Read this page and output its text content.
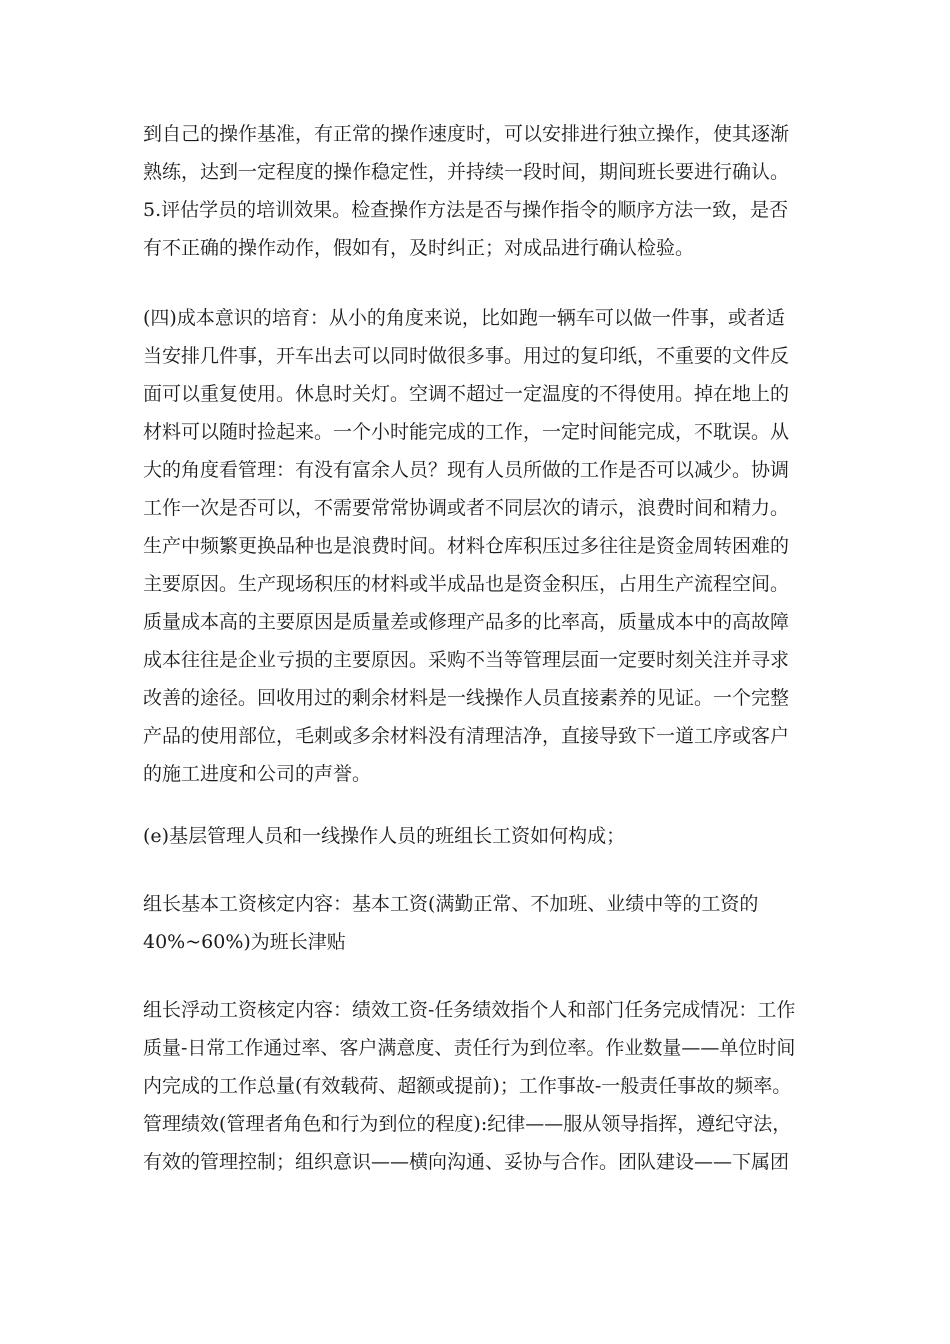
到自己的操作基准，有正常的操作速度时，可以安排进行独立操作，使其逐渐
熟练，达到一定程度的操作稳定性，并持续一段时间，期间班长要进行确认。
5.评估学员的培训效果。检查操作方法是否与操作指令的顺序方法一致，是否
有不正确的操作动作，假如有，及时纠正；对成品进行确认检验。
(四)成本意识的培育：从小的角度来说，比如跑一辆车可以做一件事，或者适
当安排几件事，开车出去可以同时做很多事。用过的复印纸，不重要的文件反
面可以重复使用。休息时关灯。空调不超过一定温度的不得使用。掉在地上的
材料可以随时捡起来。一个小时能完成的工作，一定时间能完成，不耽误。从
大的角度看管理：有没有富余人员？现有人员所做的工作是否可以减少。协调
工作一次是否可以，不需要常常协调或者不同层次的请示，浪费时间和精力。
生产中频繁更换品种也是浪费时间。材料仓库积压过多往往是资金周转困难的
主要原因。生产现场积压的材料或半成品也是资金积压，占用生产流程空间。
质量成本高的主要原因是质量差或修理产品多的比率高，质量成本中的高故障
成本往往是企业亏损的主要原因。采购不当等管理层面一定要时刻关注并寻求
改善的途径。回收用过的剩余材料是一线操作人员直接素养的见证。一个完整
产品的使用部位，毛刺或多余材料没有清理洁净，直接导致下一道工序或客户
的施工进度和公司的声誉。
(e)基层管理人员和一线操作人员的班组长工资如何构成；
组长基本工资核定内容：基本工资(满勤正常、不加班、业绩中等的工资的
40%~60%)为班长津贴
组长浮动工资核定内容：绩效工资-任务绩效指个人和部门任务完成情况：工作
质量-日常工作通过率、客户满意度、责任行为到位率。作业数量——单位时间
内完成的工作总量(有效载荷、超额或提前)；工作事故-一般责任事故的频率。
管理绩效(管理者角色和行为到位的程度):纪律——服从领导指挥，遵纪守法，
有效的管理控制；组织意识——横向沟通、妥协与合作。团队建设——下属团
